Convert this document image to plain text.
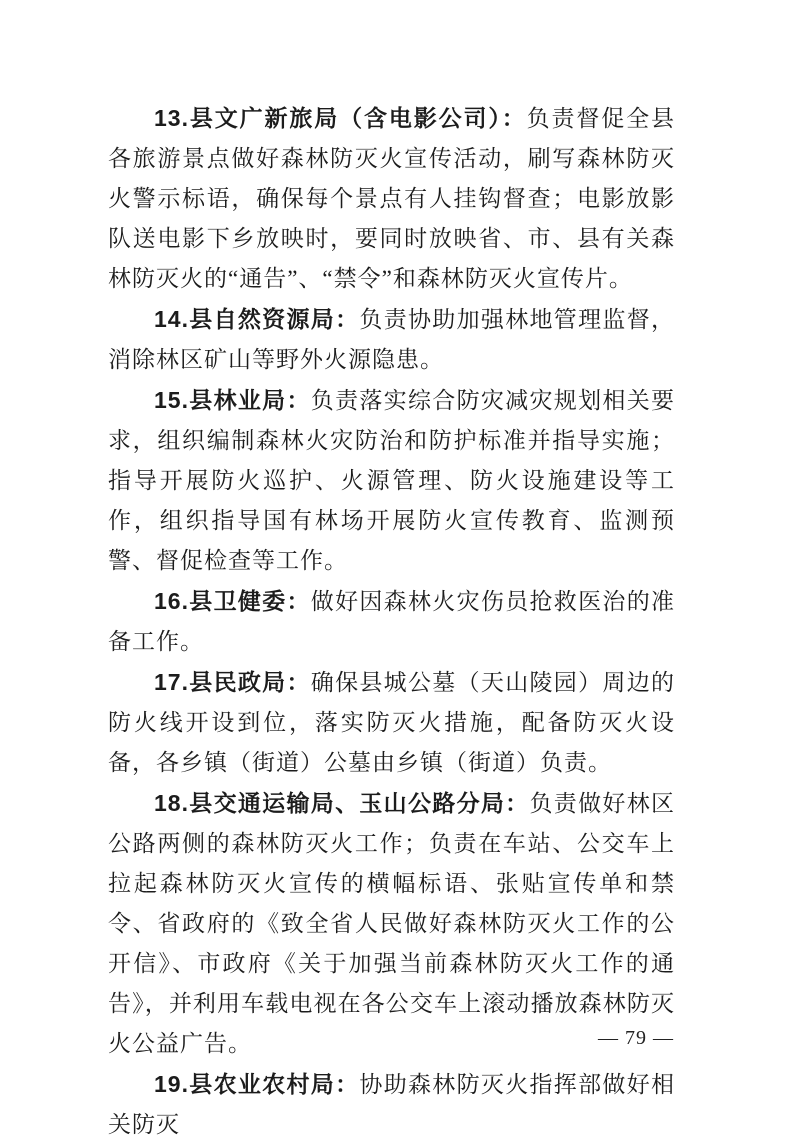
13.县文广新旅局（含电影公司）：负责督促全县各旅游景点做好森林防灭火宣传活动，刷写森林防灭火警示标语，确保每个景点有人挂钩督查；电影放影队送电影下乡放映时，要同时放映省、市、县有关森林防灭火的“通告”、“禁令”和森林防灭火宣传片。

14.县自然资源局：负责协助加强林地管理监督，消除林区矿山等野外火源隐患。

15.县林业局：负责落实综合防灾减灾规划相关要求，组织编制森林火灾防治和防护标准并指导实施；指导开展防火巡护、火源管理、防火设施建设等工作，组织指导国有林场开展防火宣传教育、监测预警、督促检查等工作。

16.县卫健委：做好因森林火灾伤员抢救医治的准备工作。

17.县民政局：确保县城公墓（天山陵园）周边的防火线开设到位，落实防灭火措施，配备防灭火设备，各乡镇（街道）公墓由乡镇（街道）负责。

18.县交通运输局、玉山公路分局：负责做好林区公路两侧的森林防灭火工作；负责在车站、公交车上拉起森林防灭火宣传的横幅标语、张贴宣传单和禁令、省政府的《致全省人民做好森林防灭火工作的公开信》、市政府《关于加强当前森林防灭火工作的通告》，并利用车载电视在各公交车上滚动播放森林防灭火公益广告。

19.县农业农村局：协助森林防灭火指挥部做好相关防灭

— 79 —
